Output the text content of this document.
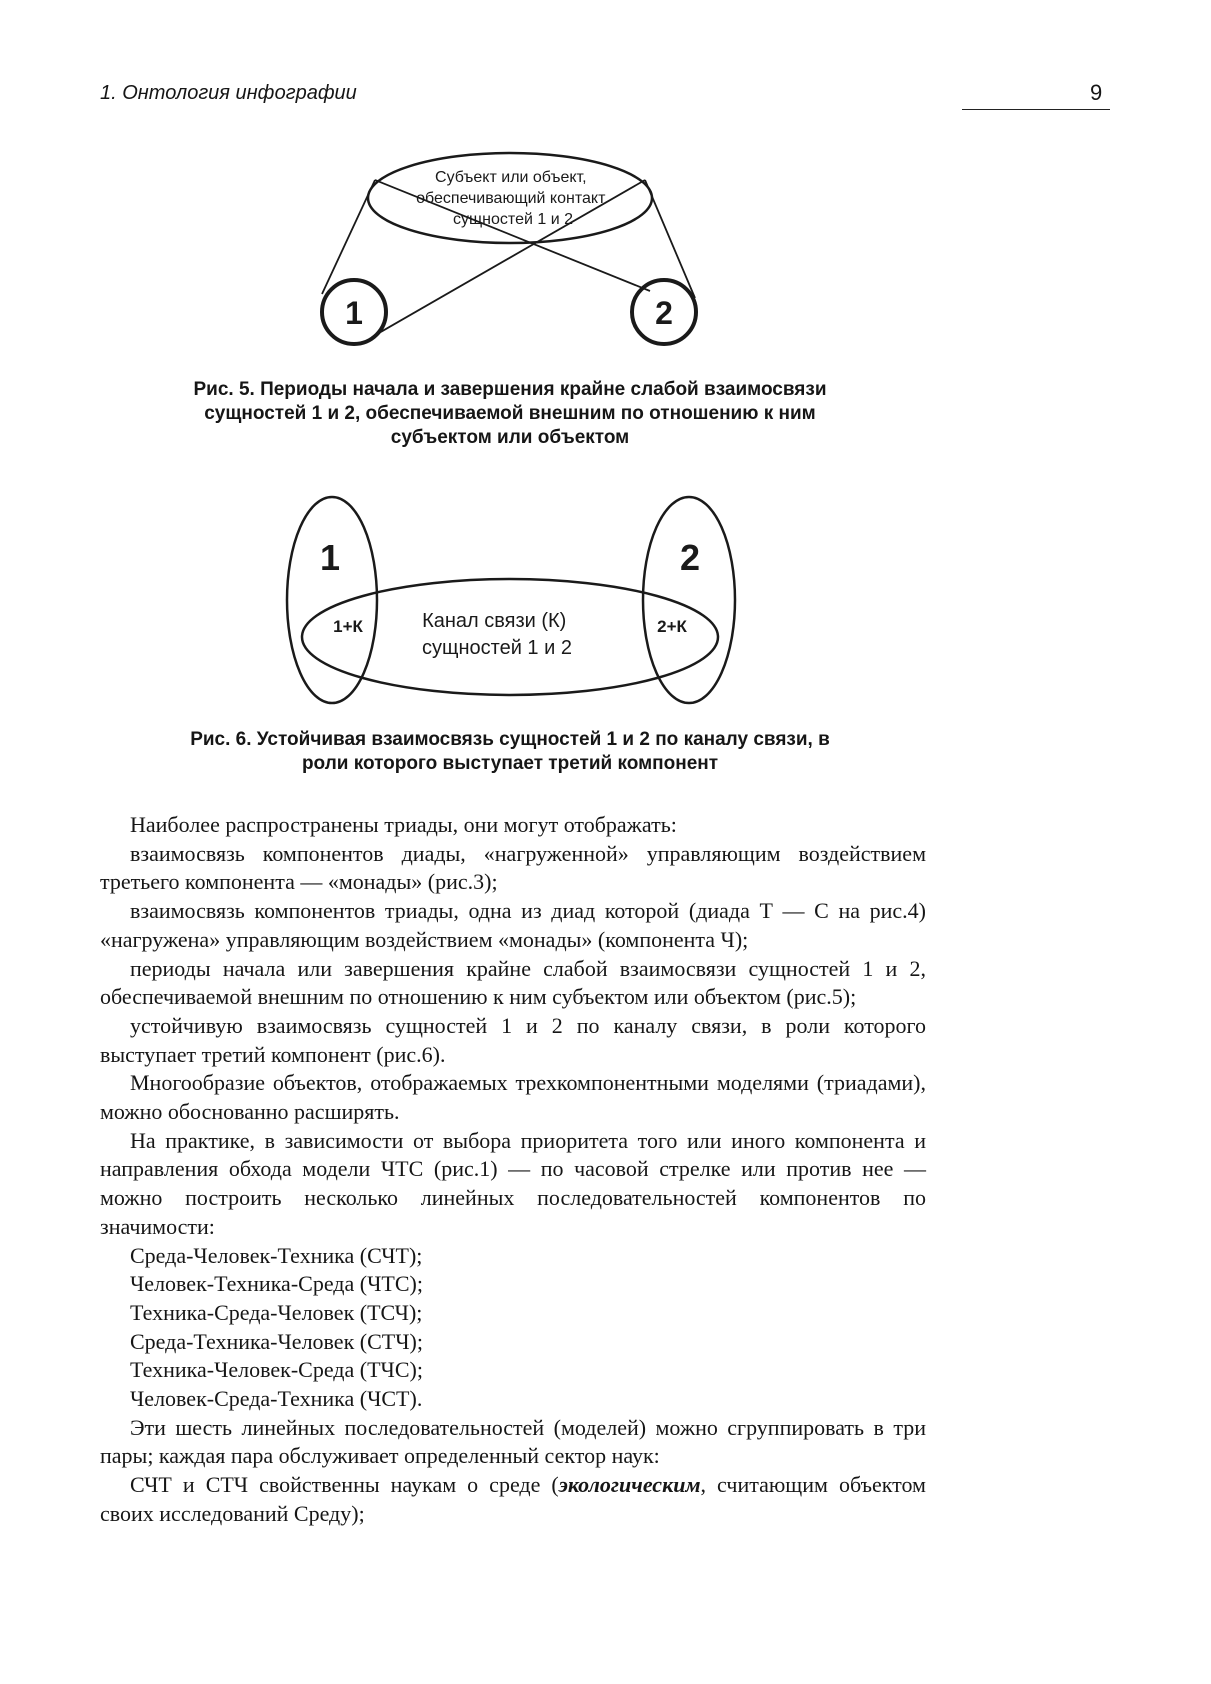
1. Онтология инфографии	9
Субъект или объект, обеспечивающий контакт сущностей 1 и 2
1	2
Рис. 5. Периоды начала и завершения крайне слабой взаимосвязи
сущностей 1 и 2, обеспечиваемой внешним по отношению к ним
субъектом или объектом
1	2
1+К	2+К
Канал связи (К) сущностей 1 и 2
Рис. 6. Устойчивая взаимосвязь сущностей 1 и 2 по каналу связи, в
роли которого выступает третий компонент

Наиболее распространены триады, они могут отображать:

взаимосвязь компонентов диады, «нагруженной» управляющим воздействием третьего компонента — «монады» (рис.3);

взаимосвязь компонентов триады, одна из диад которой (диада Т — С на рис.4) «нагружена» управляющим воздействием «монады» (компонента Ч);

периоды начала или завершения крайне слабой взаимосвязи сущностей 1 и 2, обеспечиваемой внешним по отношению к ним субъектом или объектом (рис.5);

устойчивую взаимосвязь сущностей 1 и 2 по каналу связи, в роли которого выступает третий компонент (рис.6).

Многообразие объектов, отображаемых трехкомпонентными моделями (триадами), можно обоснованно расширять.

На практике, в зависимости от выбора приоритета того или иного компонента и направления обхода модели ЧТС (рис.1) — по часовой стрелке или против нее — можно построить несколько линейных последовательностей компонентов по значимости:

Среда-Человек-Техника (СЧТ);

Человек-Техника-Среда (ЧТС);

Техника-Среда-Человек (ТСЧ);

Среда-Техника-Человек (СТЧ);

Техника-Человек-Среда (ТЧС);

Человек-Среда-Техника (ЧСТ).

Эти шесть линейных последовательностей (моделей) можно сгруппировать в три пары; каждая пара обслуживает определенный сектор наук:

СЧТ и СТЧ свойственны наукам о среде (экологическим, считающим объектом своих исследований Среду);
